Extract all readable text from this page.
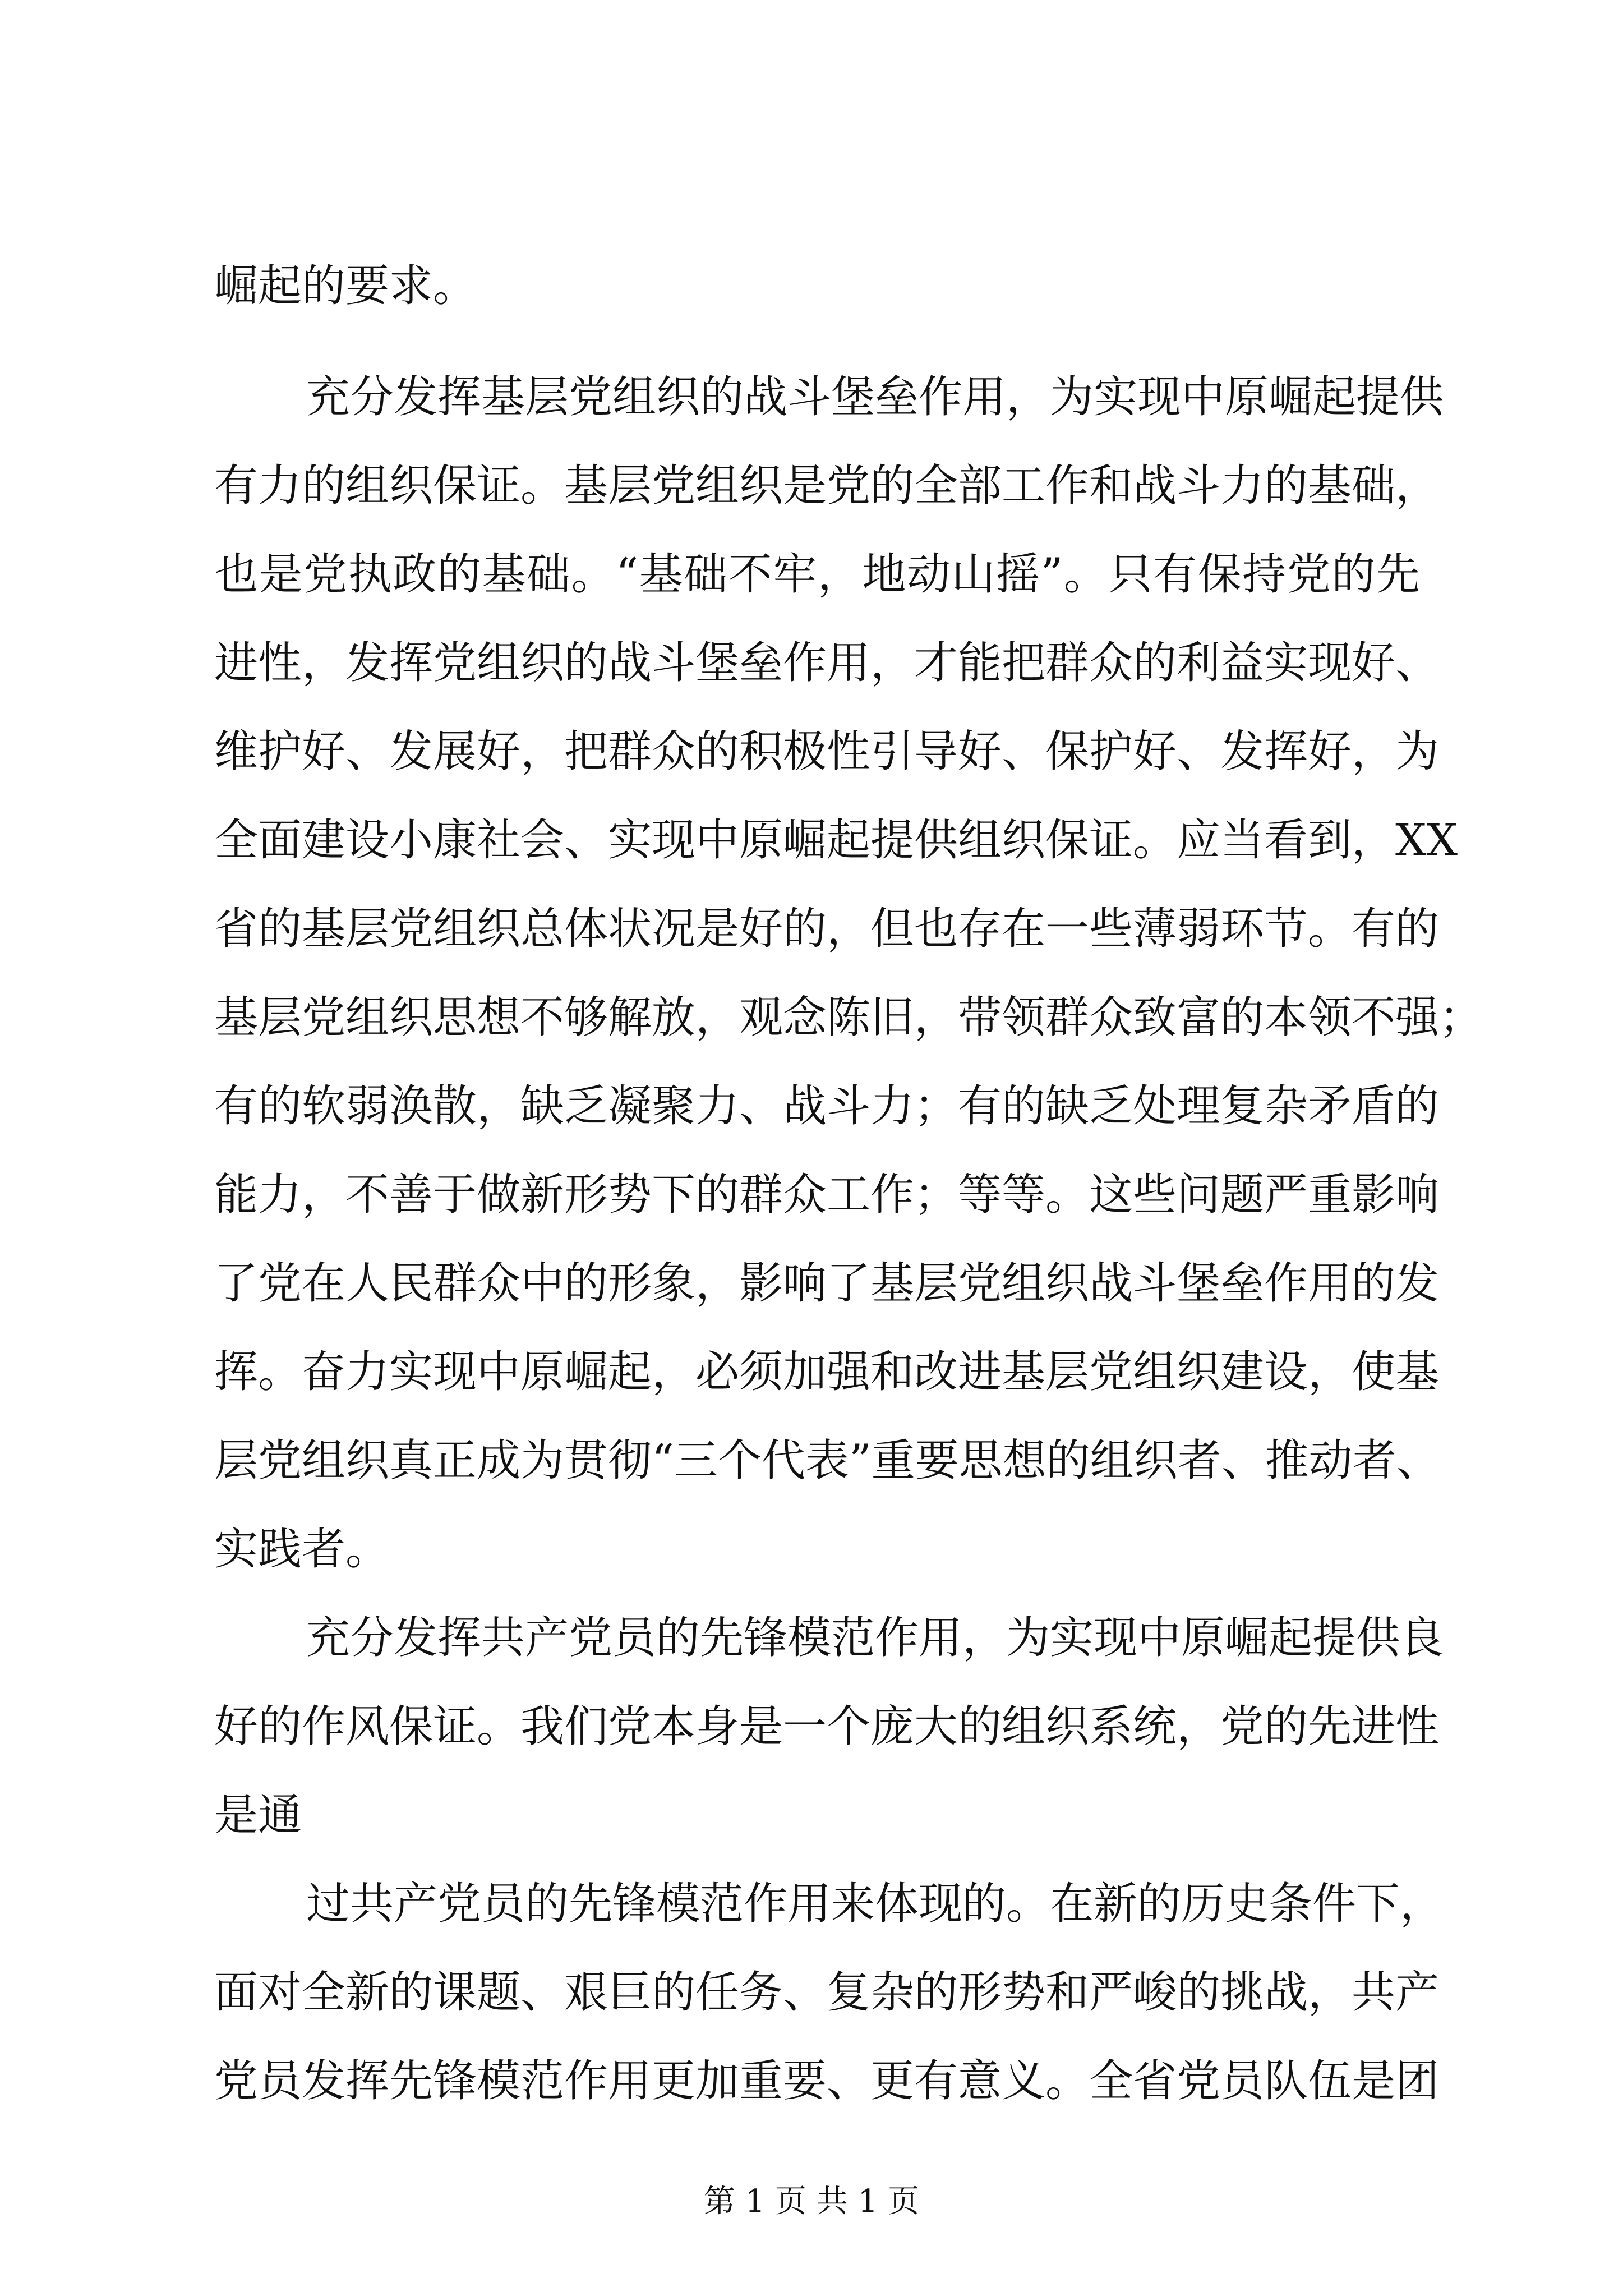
崛起的要求。
充分发挥基层党组织的战斗堡垒作用，为实现中原崛起提供
有力的组织保证。基层党组织是党的全部工作和战斗力的基础，
也是党执政的基础。“基础不牢，地动山摇”。只有保持党的先
进性，发挥党组织的战斗堡垒作用，才能把群众的利益实现好、
维护好、发展好，把群众的积极性引导好、保护好、发挥好，为
全面建设小康社会、实现中原崛起提供组织保证。应当看到，XX
省的基层党组织总体状况是好的，但也存在一些薄弱环节。有的
基层党组织思想不够解放，观念陈旧，带领群众致富的本领不强；
有的软弱涣散，缺乏凝聚力、战斗力；有的缺乏处理复杂矛盾的
能力，不善于做新形势下的群众工作；等等。这些问题严重影响
了党在人民群众中的形象，影响了基层党组织战斗堡垒作用的发
挥。奋力实现中原崛起，必须加强和改进基层党组织建设，使基
层党组织真正成为贯彻“三个代表”重要思想的组织者、推动者、
实践者。
充分发挥共产党员的先锋模范作用，为实现中原崛起提供良
好的作风保证。我们党本身是一个庞大的组织系统，党的先进性
是通
过共产党员的先锋模范作用来体现的。在新的历史条件下，
第 1 页 共 1 页
面对全新的课题、艰巨的任务、复杂的形势和严峻的挑战，共产
党员发挥先锋模范作用更加重要、更有意义。全省党员队伍是团
